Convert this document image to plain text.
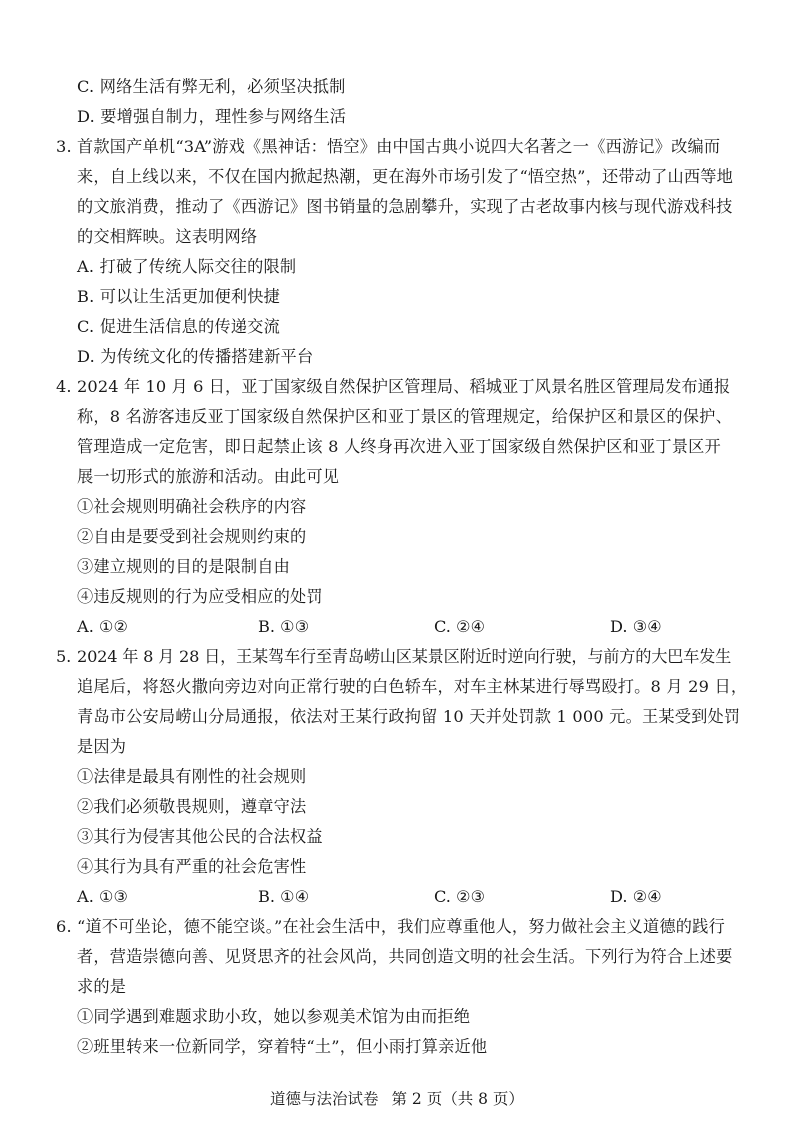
C. 网络生活有弊无利，必须坚决抵制
D. 要增强自制力，理性参与网络生活
3. 首款国产单机“3A”游戏《黑神话：悟空》由中国古典小说四大名著之一《西游记》改编而
来，自上线以来，不仅在国内掀起热潮，更在海外市场引发了“悟空热”，还带动了山西等地
的文旅消费，推动了《西游记》图书销量的急剧攀升，实现了古老故事内核与现代游戏科技
的交相辉映。这表明网络
A. 打破了传统人际交往的限制
B. 可以让生活更加便利快捷
C. 促进生活信息的传递交流
D. 为传统文化的传播搭建新平台
4. 2024 年 10 月 6 日，亚丁国家级自然保护区管理局、稻城亚丁风景名胜区管理局发布通报
称，8 名游客违反亚丁国家级自然保护区和亚丁景区的管理规定，给保护区和景区的保护、
管理造成一定危害，即日起禁止该 8 人终身再次进入亚丁国家级自然保护区和亚丁景区开
展一切形式的旅游和活动。由此可见
①社会规则明确社会秩序的内容
②自由是要受到社会规则约束的
③建立规则的目的是限制自由
④违反规则的行为应受相应的处罚
A. ①②	B. ①③	C. ②④	D. ③④
5. 2024 年 8 月 28 日，王某驾车行至青岛崂山区某景区附近时逆向行驶，与前方的大巴车发生
追尾后，将怒火撒向旁边对向正常行驶的白色轿车，对车主林某进行辱骂殴打。8 月 29 日，
青岛市公安局崂山分局通报，依法对王某行政拘留 10 天并处罚款 1 000 元。王某受到处罚
是因为
①法律是最具有刚性的社会规则
②我们必须敬畏规则，遵章守法
③其行为侵害其他公民的合法权益
④其行为具有严重的社会危害性
A. ①③	B. ①④	C. ②③	D. ②④
6. “道不可坐论，德不能空谈。”在社会生活中，我们应尊重他人，努力做社会主义道德的践行
者，营造崇德向善、见贤思齐的社会风尚，共同创造文明的社会生活。下列行为符合上述要
求的是
①同学遇到难题求助小玫，她以参观美术馆为由而拒绝
②班里转来一位新同学，穿着特“土”，但小雨打算亲近他
道德与法治试卷 第 2 页（共 8 页）
